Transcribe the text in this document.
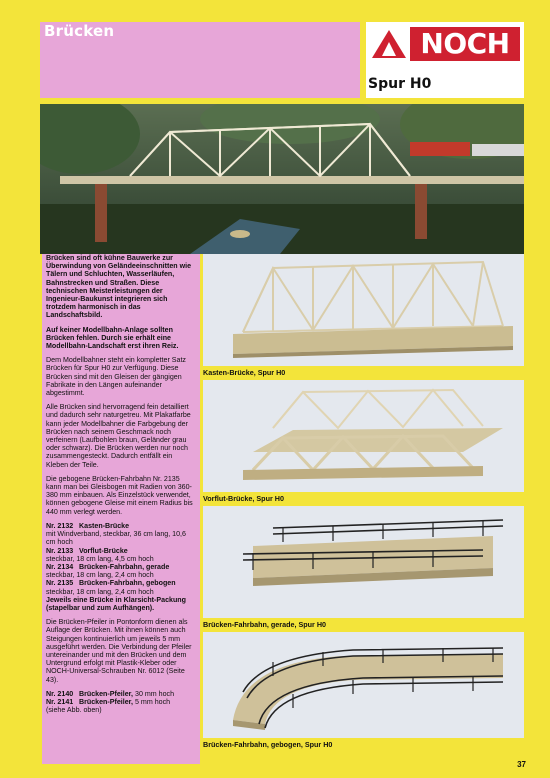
Brücken	NOCH
Spur H0

Brücken sind oft kühne Bauwerke zur Überwindung von Geländeeinschnitten wie Tälern und Schluchten, Wasserläufen, Bahnstrecken und Straßen. Diese technischen Meisterleistungen der Ingenieur-Baukunst integrieren sich trotzdem harmonisch in das Landschaftsbild.

Auf keiner Modellbahn-Anlage sollten Brücken fehlen. Durch sie erhält eine Modellbahn-Landschaft erst ihren Reiz.

Dem Modellbahner steht ein kompletter Satz Brücken für Spur H0 zur Verfügung. Diese Brücken sind mit den Gleisen der gängigen Fabrikate in den Längen aufeinander abgestimmt.

Alle Brücken sind hervorragend fein detailliert und dadurch sehr naturgetreu. Mit Plakatfarbe kann jeder Modellbahner die Farbgebung der Brücken nach seinem Geschmack noch verfeinern (Laufbohlen braun, Geländer grau oder schwarz). Die Brücken werden nur noch zusammengesteckt. Dadurch entfällt ein Kleben der Teile.

Die gebogene Brücken-Fahrbahn Nr. 2135 kann man bei Gleisbogen mit Radien von 360-380 mm einbauen. Als Einzelstück verwendet, können gebogene Gleise mit einem Radius bis 440 mm verlegt werden.

Nr. 2132 Kasten-Brücke
mit Windverband, steckbar, 36 cm lang, 10,6 cm hoch
Nr. 2133 Vorflut-Brücke
steckbar, 18 cm lang, 4,5 cm hoch
Nr. 2134 Brücken-Fahrbahn, gerade
steckbar, 18 cm lang, 2,4 cm hoch
Nr. 2135 Brücken-Fahrbahn, gebogen
steckbar, 18 cm lang, 2,4 cm hoch
Jeweils eine Brücke in Klarsicht-Packung (stapelbar und zum Aufhängen).

Die Brücken-Pfeiler in Pontonform dienen als Auflage der Brücken. Mit ihnen können auch Steigungen kontinuierlich um jeweils 5 mm ausgeführt werden. Die Verbindung der Pfeiler untereinander und mit den Brücken und dem Untergrund erfolgt mit Plastik-Kleber oder NOCH-Universal-Schrauben Nr. 6012 (Seite 43).

Nr. 2140 Brücken-Pfeiler, 30 mm hoch
Nr. 2141 Brücken-Pfeiler, 5 mm hoch
(siehe Abb. oben)
Kasten-Brücke, Spur H0
Vorflut-Brücke, Spur H0
Brücken-Fahrbahn, gerade, Spur H0
Brücken-Fahrbahn, gebogen, Spur H0
37
